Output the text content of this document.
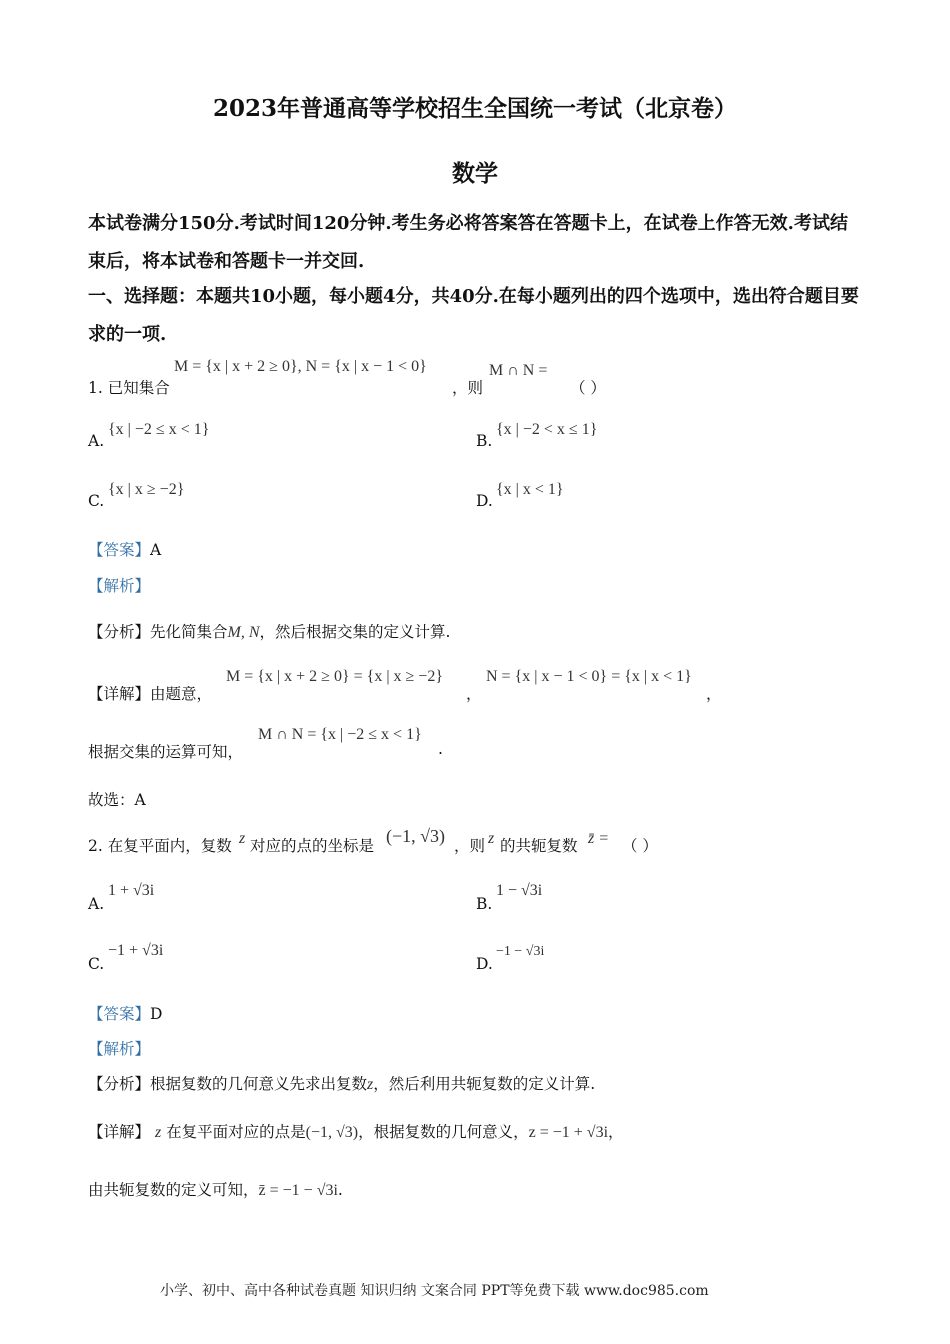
2023年普通高等学校招生全国统一考试（北京卷）
数学
本试卷满分150分.考试时间120分钟.考生务必将答案答在答题卡上，在试卷上作答无效.考试结束后，将本试卷和答题卡一并交回.
一、选择题：本题共10小题，每小题4分，共40分.在每小题列出的四个选项中，选出符合题目要求的一项.
M = {x | x + 2 ≥ 0}, N = {x | x − 1 < 0}	M ∩ N =
1. 已知集合	，则	（ ）
A.
{x | −2 ≤ x < 1}
B.
{x | −2 < x ≤ 1}
C.
{x | x ≥ −2}
D.
{x | x < 1}
【答案】A
【解析】
【分析】先化简集合M, N，然后根据交集的定义计算.
【详解】由题意，
M = {x | x + 2 ≥ 0} = {x | x ≥ −2}
，
N = {x | x − 1 < 0} = {x | x < 1}
，
根据交集的运算可知，
M ∩ N = {x | −2 ≤ x < 1}
.
故选：A
2. 在复平面内，复数 z 对应的点的坐标是 (−1, √3) ，则 z 的共轭复数 z̄ = （ ）
A.
1 + √3i
B.
1 − √3i
C.
−1 + √3i
D.
−1 − √3i
【答案】D
【解析】
【分析】根据复数的几何意义先求出复数z，然后利用共轭复数的定义计算.
【详解】 z 在复平面对应的点是(−1, √3)，根据复数的几何意义，z = −1 + √3i，
由共轭复数的定义可知，z̄ = −1 − √3i.
小学、初中、高中各种试卷真题 知识归纳 文案合同 PPT等免费下载 www.doc985.com
